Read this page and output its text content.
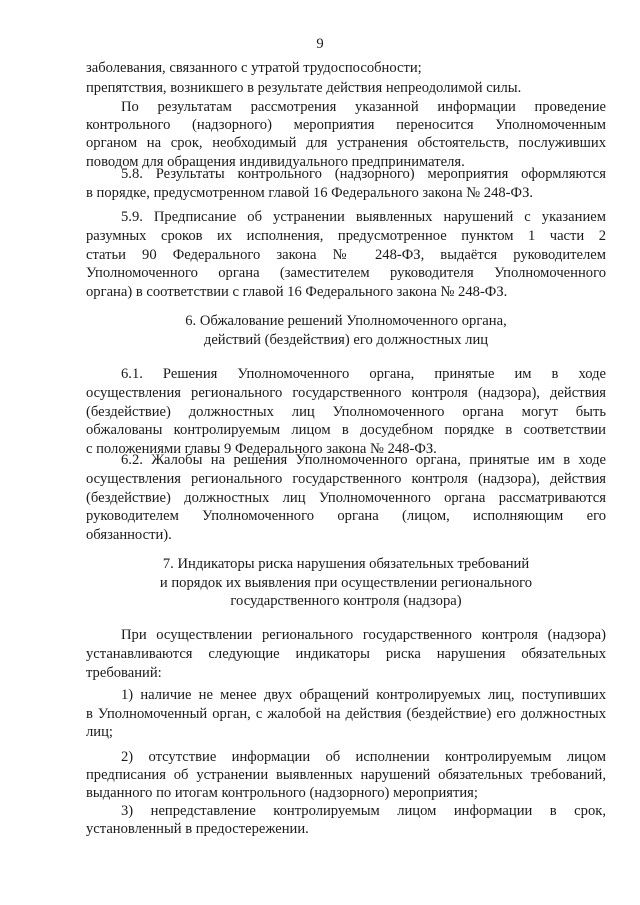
9
заболевания, связанного с утратой трудоспособности;
препятствия, возникшего в результате действия непреодолимой силы.
По результатам рассмотрения указанной информации проведение
контрольного (надзорного) мероприятия переносится Уполномоченным
органом на срок, необходимый для устранения обстоятельств, послуживших
поводом для обращения индивидуального предпринимателя.
5.8. Результаты контрольного (надзорного) мероприятия оформляются
в порядке, предусмотренном главой 16 Федерального закона № 248-ФЗ.
5.9. Предписание об устранении выявленных нарушений с указанием
разумных сроков их исполнения, предусмотренное пунктом 1 части 2
статьи 90 Федерального закона № 248-ФЗ, выдаётся руководителем
Уполномоченного органа (заместителем руководителя Уполномоченного
органа) в соответствии с главой 16 Федерального закона № 248-ФЗ.
6. Обжалование решений Уполномоченного органа,
действий (бездействия) его должностных лиц
6.1. Решения Уполномоченного органа, принятые им в ходе
осуществления регионального государственного контроля (надзора), действия
(бездействие) должностных лиц Уполномоченного органа могут быть
обжалованы контролируемым лицом в досудебном порядке в соответствии
с положениями главы 9 Федерального закона № 248-ФЗ.
6.2. Жалобы на решения Уполномоченного органа, принятые им в ходе
осуществления регионального государственного контроля (надзора), действия
(бездействие) должностных лиц Уполномоченного органа рассматриваются
руководителем Уполномоченного органа (лицом, исполняющим его
обязанности).
7. Индикаторы риска нарушения обязательных требований
и порядок их выявления при осуществлении регионального
государственного контроля (надзора)
При осуществлении регионального государственного контроля (надзора)
устанавливаются следующие индикаторы риска нарушения обязательных
требований:
1) наличие не менее двух обращений контролируемых лиц, поступивших
в Уполномоченный орган, с жалобой на действия (бездействие) его должностных
лиц;
2) отсутствие информации об исполнении контролируемым лицом
предписания об устранении выявленных нарушений обязательных требований,
выданного по итогам контрольного (надзорного) мероприятия;
3) непредставление контролируемым лицом информации в срок,
установленный в предостережении.
